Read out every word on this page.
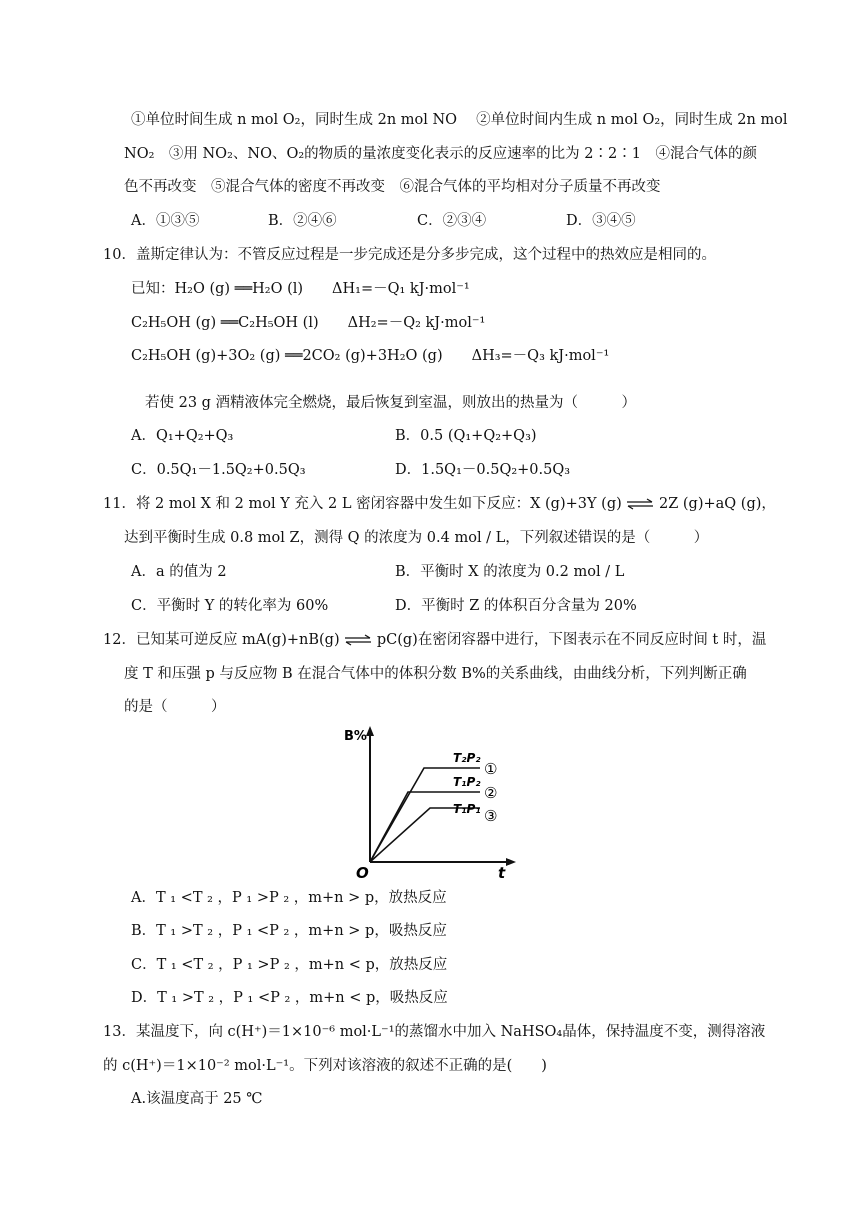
①单位时间生成 n mol O₂，同时生成 2n mol NO　 ②单位时间内生成 n mol O₂，同时生成 2n mol
NO₂　③用 NO₂、NO、O₂的物质的量浓度变化表示的反应速率的比为 2∶2∶1　④混合气体的颜
色不再改变　⑤混合气体的密度不再改变　⑥混合气体的平均相对分子质量不再改变
A．①③⑤	B．②④⑥	C．②③④	D．③④⑤
10．盖斯定律认为：不管反应过程是一步完成还是分多步完成，这个过程中的热效应是相同的。
已知：H₂O (g) ══H₂O (l)　　ΔH₁=－Q₁ kJ·mol⁻¹
C₂H₅OH (g) ══C₂H₅OH (l)　　ΔH₂=－Q₂ kJ·mol⁻¹
C₂H₅OH (g)+3O₂ (g) ══2CO₂ (g)+3H₂O (g)　　ΔH₃=－Q₃ kJ·mol⁻¹
若使 23 g 酒精液体完全燃烧，最后恢复到室温，则放出的热量为（　　　）
A．Q₁+Q₂+Q₃	B．0.5 (Q₁+Q₂+Q₃)
C．0.5Q₁－1.5Q₂+0.5Q₃	D．1.5Q₁－0.5Q₂+0.5Q₃
11．将 2 mol X 和 2 mol Y 充入 2 L 密闭容器中发生如下反应：X (g)+3Y (g) ⇌ 2Z (g)+aQ (g)，
达到平衡时生成 0.8 mol Z，测得 Q 的浓度为 0.4 mol / L，下列叙述错误的是（　　　）
A．a 的值为 2	B．平衡时 X 的浓度为 0.2 mol / L
C．平衡时 Y 的转化率为 60%	D．平衡时 Z 的体积百分含量为 20%
12．已知某可逆反应 mA(g)+nB(g) ⇌ pC(g)在密闭容器中进行，下图表示在不同反应时间 t 时，温
度 T 和压强 p 与反应物 B 在混合气体中的体积分数 B%的关系曲线，由曲线分析，下列判断正确
的是（　　　）
B%
t
O
T₂P₂
①
T₁P₂
②
T₁P₁ ③
A．T ₁ <T ₂ ，P ₁ >P ₂ ，m+n > p，放热反应
B．T ₁ >T ₂ ，P ₁ <P ₂ ，m+n > p，吸热反应
C．T ₁ <T ₂ ，P ₁ >P ₂ ，m+n < p，放热反应
D．T ₁ >T ₂ ，P ₁ <P ₂ ，m+n < p，吸热反应
13．某温度下，向 c(H⁺)＝1×10⁻⁶ mol·L⁻¹的蒸馏水中加入 NaHSO₄晶体，保持温度不变，测得溶液
的 c(H⁺)＝1×10⁻² mol·L⁻¹。下列对该溶液的叙述不正确的是(　　)
A.该温度高于 25 ℃
